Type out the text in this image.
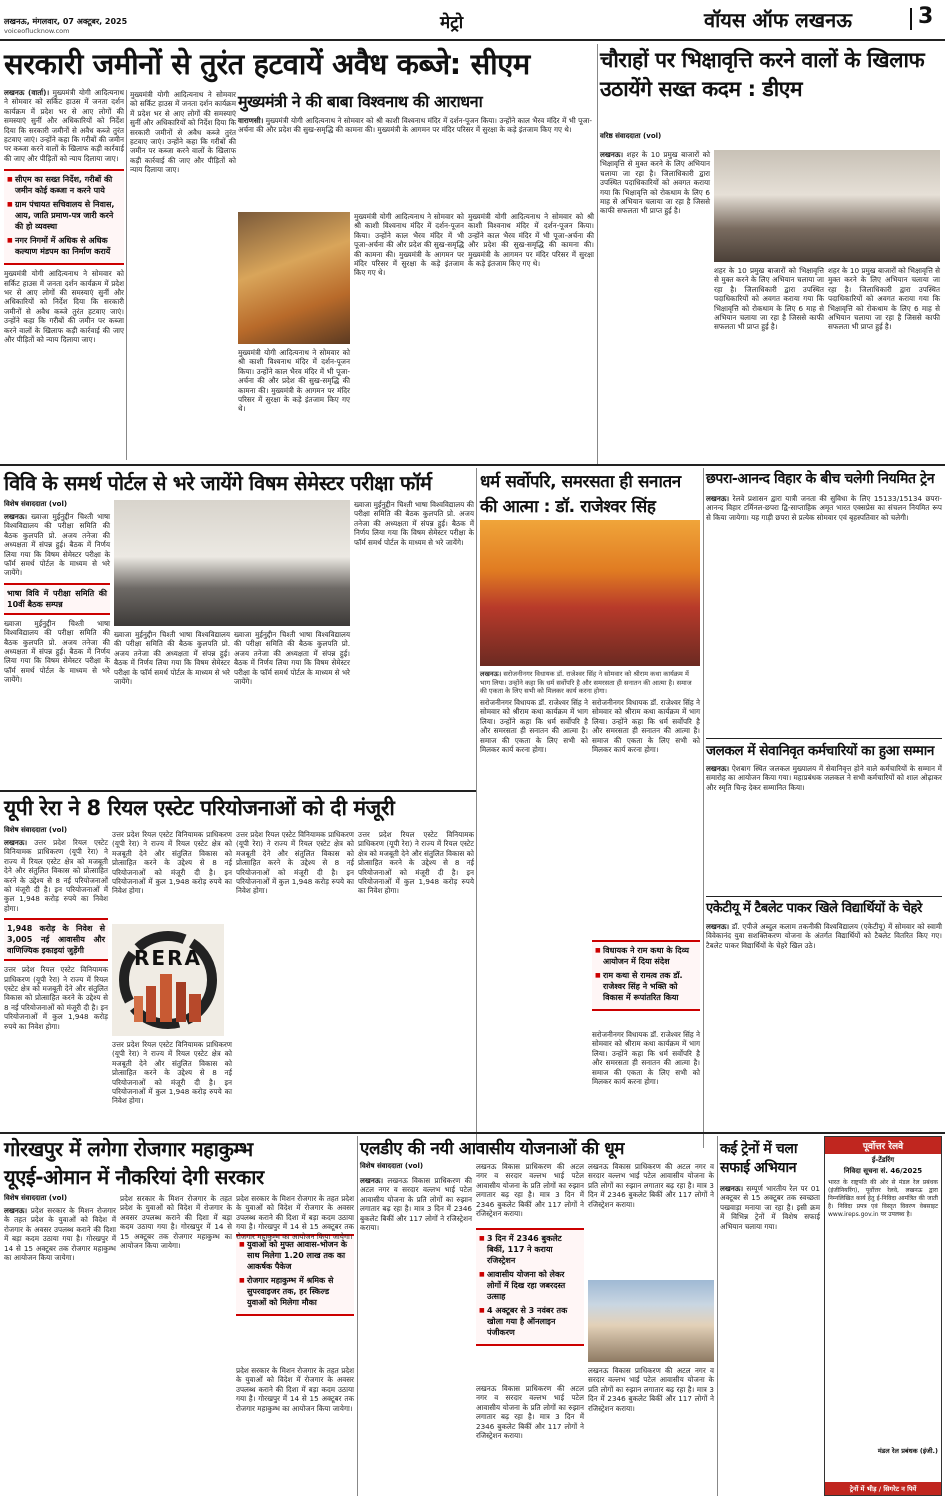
लखनऊ, मंगलवार, 07 अक्टूबर, 2025
voiceoflucknow.com	मेट्रो	वॉयस ऑफ लखनऊ	3
सरकारी जमीनों से तुरंत हटवायें अवैध कब्जे: सीएम
लखनऊ (वार्ता)। मुख्यमंत्री योगी आदित्यनाथ ने सोमवार को सर्किट हाउस में जनता दर्शन कार्यक्रम में प्रदेश भर से आए लोगों की समस्याएं सुनीं और अधिकारियों को निर्देश दिया कि सरकारी जमीनों से अवैध कब्जे तुरंत हटवाए जाएं। उन्होंने कहा कि गरीबों की जमीन पर कब्जा करने वालों के खिलाफ कड़ी कार्रवाई की जाए और पीड़ितों को न्याय दिलाया जाए।
■ सीएम का सख्त निर्देश, गरीबों की जमीन कोई कब्जा न करने पाये
■ ग्राम पंचायत सचिवालय से निवास, आय, जाति प्रमाण-पत्र जारी करने की हो व्यवस्था
■ नगर निगमों में अधिक से अधिक कल्याण मंडपम का निर्माण करायें
मुख्यमंत्री योगी आदित्यनाथ ने सोमवार को सर्किट हाउस में जनता दर्शन कार्यक्रम में प्रदेश भर से आए लोगों की समस्याएं सुनीं और अधिकारियों को निर्देश दिया कि सरकारी जमीनों से अवैध कब्जे तुरंत हटवाए जाएं। उन्होंने कहा कि गरीबों की जमीन पर कब्जा करने वालों के खिलाफ कड़ी कार्रवाई की जाए और पीड़ितों को न्याय दिलाया जाए।
मुख्यमंत्री योगी आदित्यनाथ ने सोमवार को सर्किट हाउस में जनता दर्शन कार्यक्रम में प्रदेश भर से आए लोगों की समस्याएं सुनीं और अधिकारियों को निर्देश दिया कि सरकारी जमीनों से अवैध कब्जे तुरंत हटवाए जाएं। उन्होंने कहा कि गरीबों की जमीन पर कब्जा करने वालों के खिलाफ कड़ी कार्रवाई की जाए और पीड़ितों को न्याय दिलाया जाए।
मुख्यमंत्री ने की बाबा विश्वनाथ की आराधना
वाराणसी। मुख्यमंत्री योगी आदित्यनाथ ने सोमवार को श्री काशी विश्वनाथ मंदिर में दर्शन-पूजन किया। उन्होंने काल भैरव मंदिर में भी पूजा-अर्चना की और प्रदेश की सुख-समृद्धि की कामना की। मुख्यमंत्री के आगमन पर मंदिर परिसर में सुरक्षा के कड़े इंतजाम किए गए थे।
मुख्यमंत्री योगी आदित्यनाथ ने सोमवार को श्री काशी विश्वनाथ मंदिर में दर्शन-पूजन किया। उन्होंने काल भैरव मंदिर में भी पूजा-अर्चना की और प्रदेश की सुख-समृद्धि की कामना की। मुख्यमंत्री के आगमन पर मंदिर परिसर में सुरक्षा के कड़े इंतजाम किए गए थे।
मुख्यमंत्री योगी आदित्यनाथ ने सोमवार को श्री काशी विश्वनाथ मंदिर में दर्शन-पूजन किया। उन्होंने काल भैरव मंदिर में भी पूजा-अर्चना की और प्रदेश की सुख-समृद्धि की कामना की। मुख्यमंत्री के आगमन पर मंदिर परिसर में सुरक्षा के कड़े इंतजाम किए गए थे।
मुख्यमंत्री योगी आदित्यनाथ ने सोमवार को श्री काशी विश्वनाथ मंदिर में दर्शन-पूजन किया। उन्होंने काल भैरव मंदिर में भी पूजा-अर्चना की और प्रदेश की सुख-समृद्धि की कामना की। मुख्यमंत्री के आगमन पर मंदिर परिसर में सुरक्षा के कड़े इंतजाम किए गए थे।
चौराहों पर भिक्षावृत्ति करने वालों के खिलाफ उठायेंगे सख्त कदम : डीएम
वरिष्ठ संवाददाता (vol)
लखनऊ। शहर के 10 प्रमुख बाजारों को भिक्षावृत्ति से मुक्त करने के लिए अभियान चलाया जा रहा है। जिलाधिकारी द्वारा उपस्थित पदाधिकारियों को अवगत कराया गया कि भिक्षावृत्ति को रोकथाम के लिए 6 माह से अभियान चलाया जा रहा है जिससे काफी सफलता भी प्राप्त हुई है।
शहर के 10 प्रमुख बाजारों को भिक्षावृत्ति से मुक्त करने के लिए अभियान चलाया जा रहा है। जिलाधिकारी द्वारा उपस्थित पदाधिकारियों को अवगत कराया गया कि भिक्षावृत्ति को रोकथाम के लिए 6 माह से अभियान चलाया जा रहा है जिससे काफी सफलता भी प्राप्त हुई है।
शहर के 10 प्रमुख बाजारों को भिक्षावृत्ति से मुक्त करने के लिए अभियान चलाया जा रहा है। जिलाधिकारी द्वारा उपस्थित पदाधिकारियों को अवगत कराया गया कि भिक्षावृत्ति को रोकथाम के लिए 6 माह से अभियान चलाया जा रहा है जिससे काफी सफलता भी प्राप्त हुई है।
विवि के समर्थ पोर्टल से भरे जायेंगे विषम सेमेस्टर परीक्षा फॉर्म
विशेष संवाददाता (vol)
लखनऊ। ख्वाजा मुईनुद्दीन चिश्ती भाषा विश्वविद्यालय की परीक्षा समिति की बैठक कुलपति प्रो. अजय तनेजा की अध्यक्षता में संपन्न हुई। बैठक में निर्णय लिया गया कि विषम सेमेस्टर परीक्षा के फॉर्म समर्थ पोर्टल के माध्यम से भरे जायेंगे।
भाषा विवि में परीक्षा समिति की 10वीं बैठक सम्पन्न
ख्वाजा मुईनुद्दीन चिश्ती भाषा विश्वविद्यालय की परीक्षा समिति की बैठक कुलपति प्रो. अजय तनेजा की अध्यक्षता में संपन्न हुई। बैठक में निर्णय लिया गया कि विषम सेमेस्टर परीक्षा के फॉर्म समर्थ पोर्टल के माध्यम से भरे जायेंगे।
ख्वाजा मुईनुद्दीन चिश्ती भाषा विश्वविद्यालय की परीक्षा समिति की बैठक कुलपति प्रो. अजय तनेजा की अध्यक्षता में संपन्न हुई। बैठक में निर्णय लिया गया कि विषम सेमेस्टर परीक्षा के फॉर्म समर्थ पोर्टल के माध्यम से भरे जायेंगे।
ख्वाजा मुईनुद्दीन चिश्ती भाषा विश्वविद्यालय की परीक्षा समिति की बैठक कुलपति प्रो. अजय तनेजा की अध्यक्षता में संपन्न हुई। बैठक में निर्णय लिया गया कि विषम सेमेस्टर परीक्षा के फॉर्म समर्थ पोर्टल के माध्यम से भरे जायेंगे।
ख्वाजा मुईनुद्दीन चिश्ती भाषा विश्वविद्यालय की परीक्षा समिति की बैठक कुलपति प्रो. अजय तनेजा की अध्यक्षता में संपन्न हुई। बैठक में निर्णय लिया गया कि विषम सेमेस्टर परीक्षा के फॉर्म समर्थ पोर्टल के माध्यम से भरे जायेंगे।
धर्म सर्वोपरि, समरसता ही सनातन की आत्मा : डॉ. राजेश्वर सिंह
लखनऊ। सरोजनीनगर विधायक डॉ. राजेश्वर सिंह ने सोमवार को श्रीराम कथा कार्यक्रम में भाग लिया। उन्होंने कहा कि धर्म सर्वोपरि है और समरसता ही सनातन की आत्मा है। समाज की एकता के लिए सभी को मिलकर कार्य करना होगा।
सरोजनीनगर विधायक डॉ. राजेश्वर सिंह ने सोमवार को श्रीराम कथा कार्यक्रम में भाग लिया। उन्होंने कहा कि धर्म सर्वोपरि है और समरसता ही सनातन की आत्मा है। समाज की एकता के लिए सभी को मिलकर कार्य करना होगा।
■ विधायक ने राम कथा के दिव्य आयोजन में दिया संदेश
■ राम कथा से रामत्व तक डॉ. राजेश्वर सिंह ने भक्ति को विकास में रूपांतरित किया
सरोजनीनगर विधायक डॉ. राजेश्वर सिंह ने सोमवार को श्रीराम कथा कार्यक्रम में भाग लिया। उन्होंने कहा कि धर्म सर्वोपरि है और समरसता ही सनातन की आत्मा है। समाज की एकता के लिए सभी को मिलकर कार्य करना होगा।
सरोजनीनगर विधायक डॉ. राजेश्वर सिंह ने सोमवार को श्रीराम कथा कार्यक्रम में भाग लिया। उन्होंने कहा कि धर्म सर्वोपरि है और समरसता ही सनातन की आत्मा है। समाज की एकता के लिए सभी को मिलकर कार्य करना होगा।
छपरा-आनन्द विहार के बीच चलेगी नियमित ट्रेन
लखनऊ। रेलवे प्रशासन द्वारा यात्री जनता की सुविधा के लिए 15133/15134 छपरा-आनन्द विहार टर्मिनल-छपरा द्वि-साप्ताहिक अमृत भारत एक्सप्रेस का संचलन नियमित रूप से किया जायेगा। यह गाड़ी छपरा से प्रत्येक सोमवार एवं बृहस्पतिवार को चलेगी।
जलकल में सेवानिवृत कर्मचारियों का हुआ सम्मान
लखनऊ। ऐशबाग स्थित जलकल मुख्यालय में सेवानिवृत्त होने वाले कर्मचारियों के सम्मान में समारोह का आयोजन किया गया। महाप्रबंधक जलकल ने सभी कर्मचारियों को शाल ओढ़ाकर और स्मृति चिन्ह देकर सम्मानित किया।
एकेटीयू में टैबलेट पाकर खिले विद्यार्थियों के चेहरे
लखनऊ। डॉ. एपीजे अब्दुल कलाम तकनीकी विश्वविद्यालय (एकेटीयू) में सोमवार को स्वामी विवेकानंद युवा सशक्तिकरण योजना के अंतर्गत विद्यार्थियों को टैबलेट वितरित किए गए। टैबलेट पाकर विद्यार्थियों के चेहरे खिल उठे।
यूपी रेरा ने 8 रियल एस्टेट परियोजनाओं को दी मंजूरी
विशेष संवाददाता (vol)
लखनऊ। उत्तर प्रदेश रियल एस्टेट विनियामक प्राधिकरण (यूपी रेरा) ने राज्य में रियल एस्टेट क्षेत्र को मजबूती देने और संतुलित विकास को प्रोत्साहित करने के उद्देश्य से 8 नई परियोजनाओं को मंजूरी दी है। इन परियोजनाओं में कुल 1,948 करोड़ रुपये का निवेश होगा।
1,948 करोड़ के निवेश से 3,005 नई आवासीय और वाणिज्यिक इकाइयां जुड़ेंगी
उत्तर प्रदेश रियल एस्टेट विनियामक प्राधिकरण (यूपी रेरा) ने राज्य में रियल एस्टेट क्षेत्र को मजबूती देने और संतुलित विकास को प्रोत्साहित करने के उद्देश्य से 8 नई परियोजनाओं को मंजूरी दी है। इन परियोजनाओं में कुल 1,948 करोड़ रुपये का निवेश होगा।
उत्तर प्रदेश रियल एस्टेट विनियामक प्राधिकरण (यूपी रेरा) ने राज्य में रियल एस्टेट क्षेत्र को मजबूती देने और संतुलित विकास को प्रोत्साहित करने के उद्देश्य से 8 नई परियोजनाओं को मंजूरी दी है। इन परियोजनाओं में कुल 1,948 करोड़ रुपये का निवेश होगा।
RERA
उत्तर प्रदेश रियल एस्टेट विनियामक प्राधिकरण (यूपी रेरा) ने राज्य में रियल एस्टेट क्षेत्र को मजबूती देने और संतुलित विकास को प्रोत्साहित करने के उद्देश्य से 8 नई परियोजनाओं को मंजूरी दी है। इन परियोजनाओं में कुल 1,948 करोड़ रुपये का निवेश होगा।
उत्तर प्रदेश रियल एस्टेट विनियामक प्राधिकरण (यूपी रेरा) ने राज्य में रियल एस्टेट क्षेत्र को मजबूती देने और संतुलित विकास को प्रोत्साहित करने के उद्देश्य से 8 नई परियोजनाओं को मंजूरी दी है। इन परियोजनाओं में कुल 1,948 करोड़ रुपये का निवेश होगा।
उत्तर प्रदेश रियल एस्टेट विनियामक प्राधिकरण (यूपी रेरा) ने राज्य में रियल एस्टेट क्षेत्र को मजबूती देने और संतुलित विकास को प्रोत्साहित करने के उद्देश्य से 8 नई परियोजनाओं को मंजूरी दी है। इन परियोजनाओं में कुल 1,948 करोड़ रुपये का निवेश होगा।
गोरखपुर में लगेगा रोजगार महाकुम्भ
यूएई-ओमान में नौकरियां देगी सरकार
विशेष संवाददाता (vol)
लखनऊ। प्रदेश सरकार के मिशन रोजगार के तहत प्रदेश के युवाओं को विदेश में रोजगार के अवसर उपलब्ध कराने की दिशा में बड़ा कदम उठाया गया है। गोरखपुर में 14 से 15 अक्टूबर तक रोजगार महाकुम्भ का आयोजन किया जायेगा।
प्रदेश सरकार के मिशन रोजगार के तहत प्रदेश के युवाओं को विदेश में रोजगार के अवसर उपलब्ध कराने की दिशा में बड़ा कदम उठाया गया है। गोरखपुर में 14 से 15 अक्टूबर तक रोजगार महाकुम्भ का आयोजन किया जायेगा।	■ युवाओं को मुफ्त आवास-भोजन के साथ मिलेगा 1.20 लाख तक का आकर्षक पैकेज
■ रोजगार महाकुम्भ में श्रमिक से सुपरवाइजर तक, हर स्किल्ड युवाओं को मिलेगा मौका
प्रदेश सरकार के मिशन रोजगार के तहत प्रदेश के युवाओं को विदेश में रोजगार के अवसर उपलब्ध कराने की दिशा में बड़ा कदम उठाया गया है। गोरखपुर में 14 से 15 अक्टूबर तक रोजगार महाकुम्भ का आयोजन किया जायेगा।
प्रदेश सरकार के मिशन रोजगार के तहत प्रदेश के युवाओं को विदेश में रोजगार के अवसर उपलब्ध कराने की दिशा में बड़ा कदम उठाया गया है। गोरखपुर में 14 से 15 अक्टूबर तक रोजगार महाकुम्भ का आयोजन किया जायेगा।
एलडीए की नयी आवासीय योजनाओं की धूम
विशेष संवाददाता (vol)
लखनऊ। लखनऊ विकास प्राधिकरण की अटल नगर व सरदार वल्लभ भाई पटेल आवासीय योजना के प्रति लोगों का रुझान लगातार बढ़ रहा है। मात्र 3 दिन में 2346 बुकलेट बिकीं और 117 लोगों ने रजिस्ट्रेशन कराया।
लखनऊ विकास प्राधिकरण की अटल नगर व सरदार वल्लभ भाई पटेल आवासीय योजना के प्रति लोगों का रुझान लगातार बढ़ रहा है। मात्र 3 दिन में 2346 बुकलेट बिकीं और 117 लोगों ने रजिस्ट्रेशन कराया।
■ 3 दिन में 2346 बुकलेट बिकीं, 117 ने कराया रजिस्ट्रेशन
■ आवासीय योजना को लेकर लोगों में दिख रहा जबरदस्त उत्साह
■ 4 अक्टूबर से 3 नवंबर तक खोला गया है ऑनलाइन पंजीकरण
लखनऊ विकास प्राधिकरण की अटल नगर व सरदार वल्लभ भाई पटेल आवासीय योजना के प्रति लोगों का रुझान लगातार बढ़ रहा है। मात्र 3 दिन में 2346 बुकलेट बिकीं और 117 लोगों ने रजिस्ट्रेशन कराया।
लखनऊ विकास प्राधिकरण की अटल नगर व सरदार वल्लभ भाई पटेल आवासीय योजना के प्रति लोगों का रुझान लगातार बढ़ रहा है। मात्र 3 दिन में 2346 बुकलेट बिकीं और 117 लोगों ने रजिस्ट्रेशन कराया।
लखनऊ विकास प्राधिकरण की अटल नगर व सरदार वल्लभ भाई पटेल आवासीय योजना के प्रति लोगों का रुझान लगातार बढ़ रहा है। मात्र 3 दिन में 2346 बुकलेट बिकीं और 117 लोगों ने रजिस्ट्रेशन कराया।
कई ट्रेनों में चला सफाई अभियान
लखनऊ। सम्पूर्ण भारतीय रेल पर 01 अक्टूबर से 15 अक्टूबर तक स्वच्छता पखवाड़ा मनाया जा रहा है। इसी क्रम में विभिन्न ट्रेनों में विशेष सफाई अभियान चलाया गया।
पूर्वोत्तर रेलवे
ई-टेंडरिंग
निविदा सूचना सं. 46/2025
भारत के राष्ट्रपति की ओर से मंडल रेल प्रबंधक (इंजीनियरिंग), पूर्वोत्तर रेलवे, लखनऊ द्वारा निम्नलिखित कार्य हेतु ई-निविदा आमंत्रित की जाती है। निविदा प्रपत्र एवं विस्तृत विवरण वेबसाइट www.ireps.gov.in पर उपलब्ध है।
मंडल रेल प्रबंधक (इंजी.)
ट्रेनों में भीड़ / सिगरेट न पियें
